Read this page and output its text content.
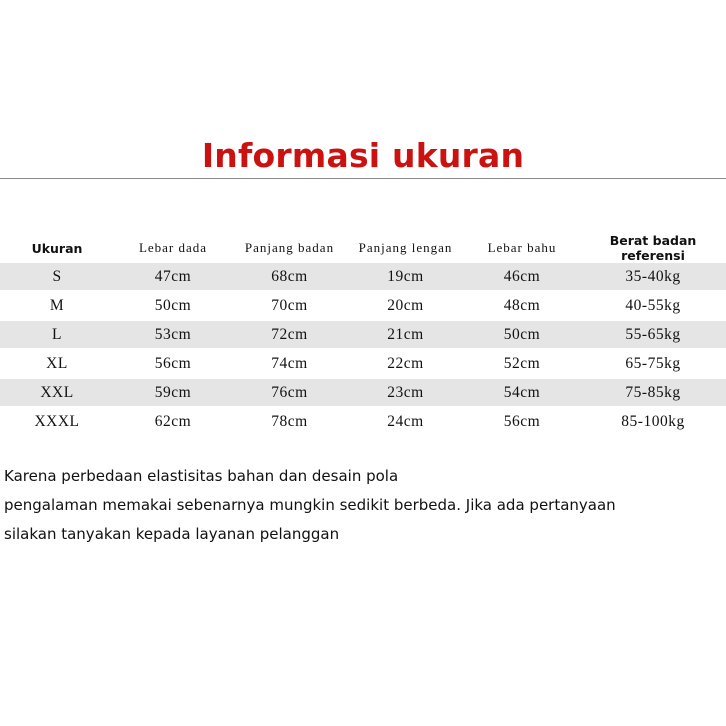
Informasi ukuran
Ukuran	Lebar dada	Panjang badan	Panjang lengan	Lebar bahu	Berat badan referensi
S	47cm	68cm	19cm	46cm	35-40kg
M	50cm	70cm	20cm	48cm	40-55kg
L	53cm	72cm	21cm	50cm	55-65kg
XL	56cm	74cm	22cm	52cm	65-75kg
XXL	59cm	76cm	23cm	54cm	75-85kg
XXXL	62cm	78cm	24cm	56cm	85-100kg
Karena perbedaan elastisitas bahan dan desain pola
pengalaman memakai sebenarnya mungkin sedikit berbeda. Jika ada pertanyaan
silakan tanyakan kepada layanan pelanggan
